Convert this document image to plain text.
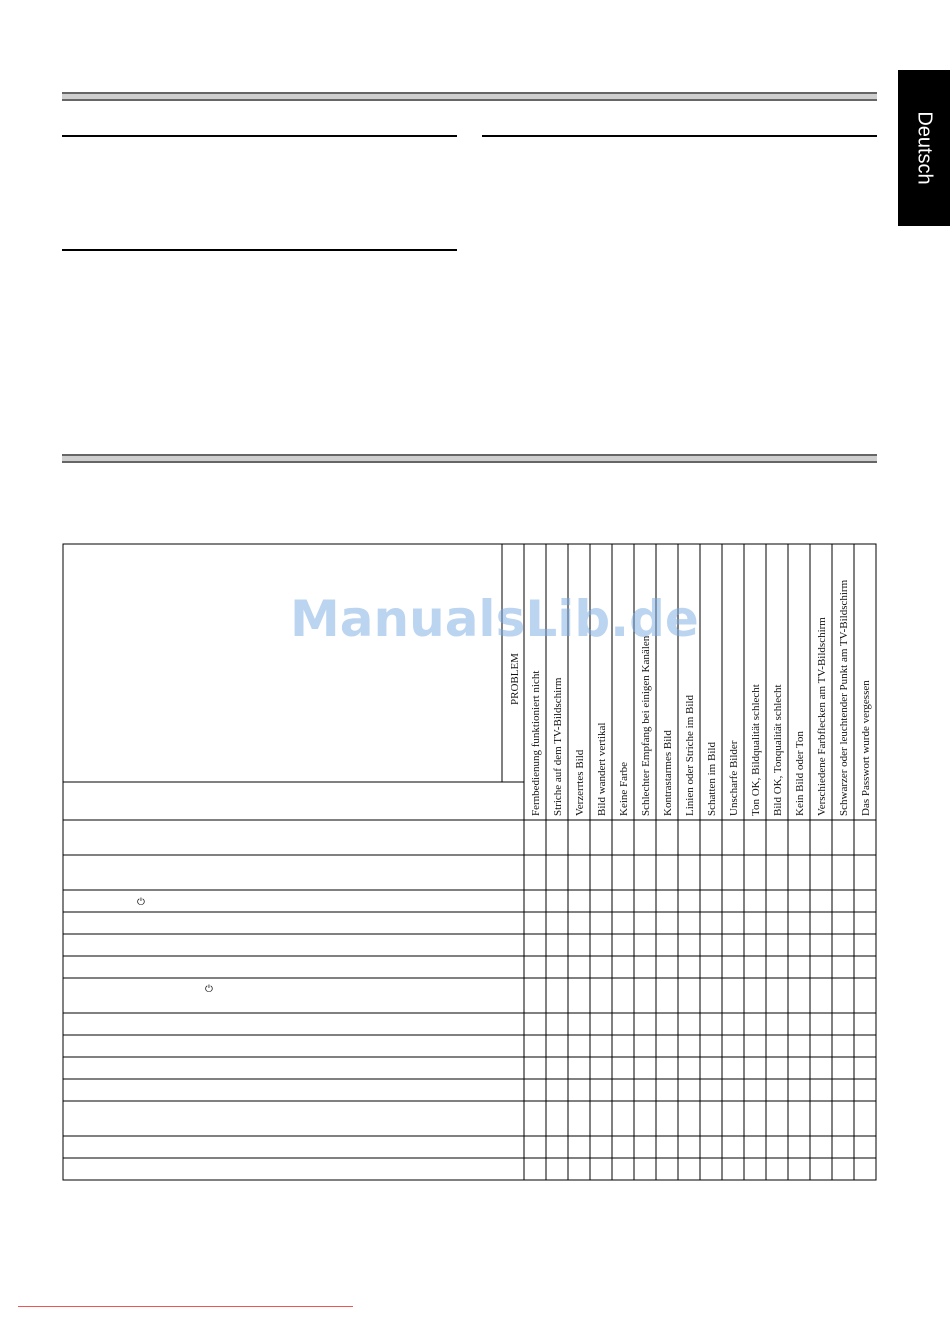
Deutsch
PROBLEM Fernbedienung funktioniert nicht Striche auf dem TV-Bildschirm Verzerrtes Bild Bild wandert vertikal Keine Farbe Schlechter Empfang bei einigen Kanälen Kontrastarmes Bild Linien oder Striche im Bild Schatten im Bild Unscharfe Bilder Ton OK, Bildqualität schlecht Bild OK, Tonqualität schlecht Kein Bild oder Ton Verschiedene Farbflecken am TV-Bildschirm Schwarzer oder leuchtender Punkt am TV-Bildschirm Das Passwort wurde vergessen
⏻
⏻
ManualsLib.de
